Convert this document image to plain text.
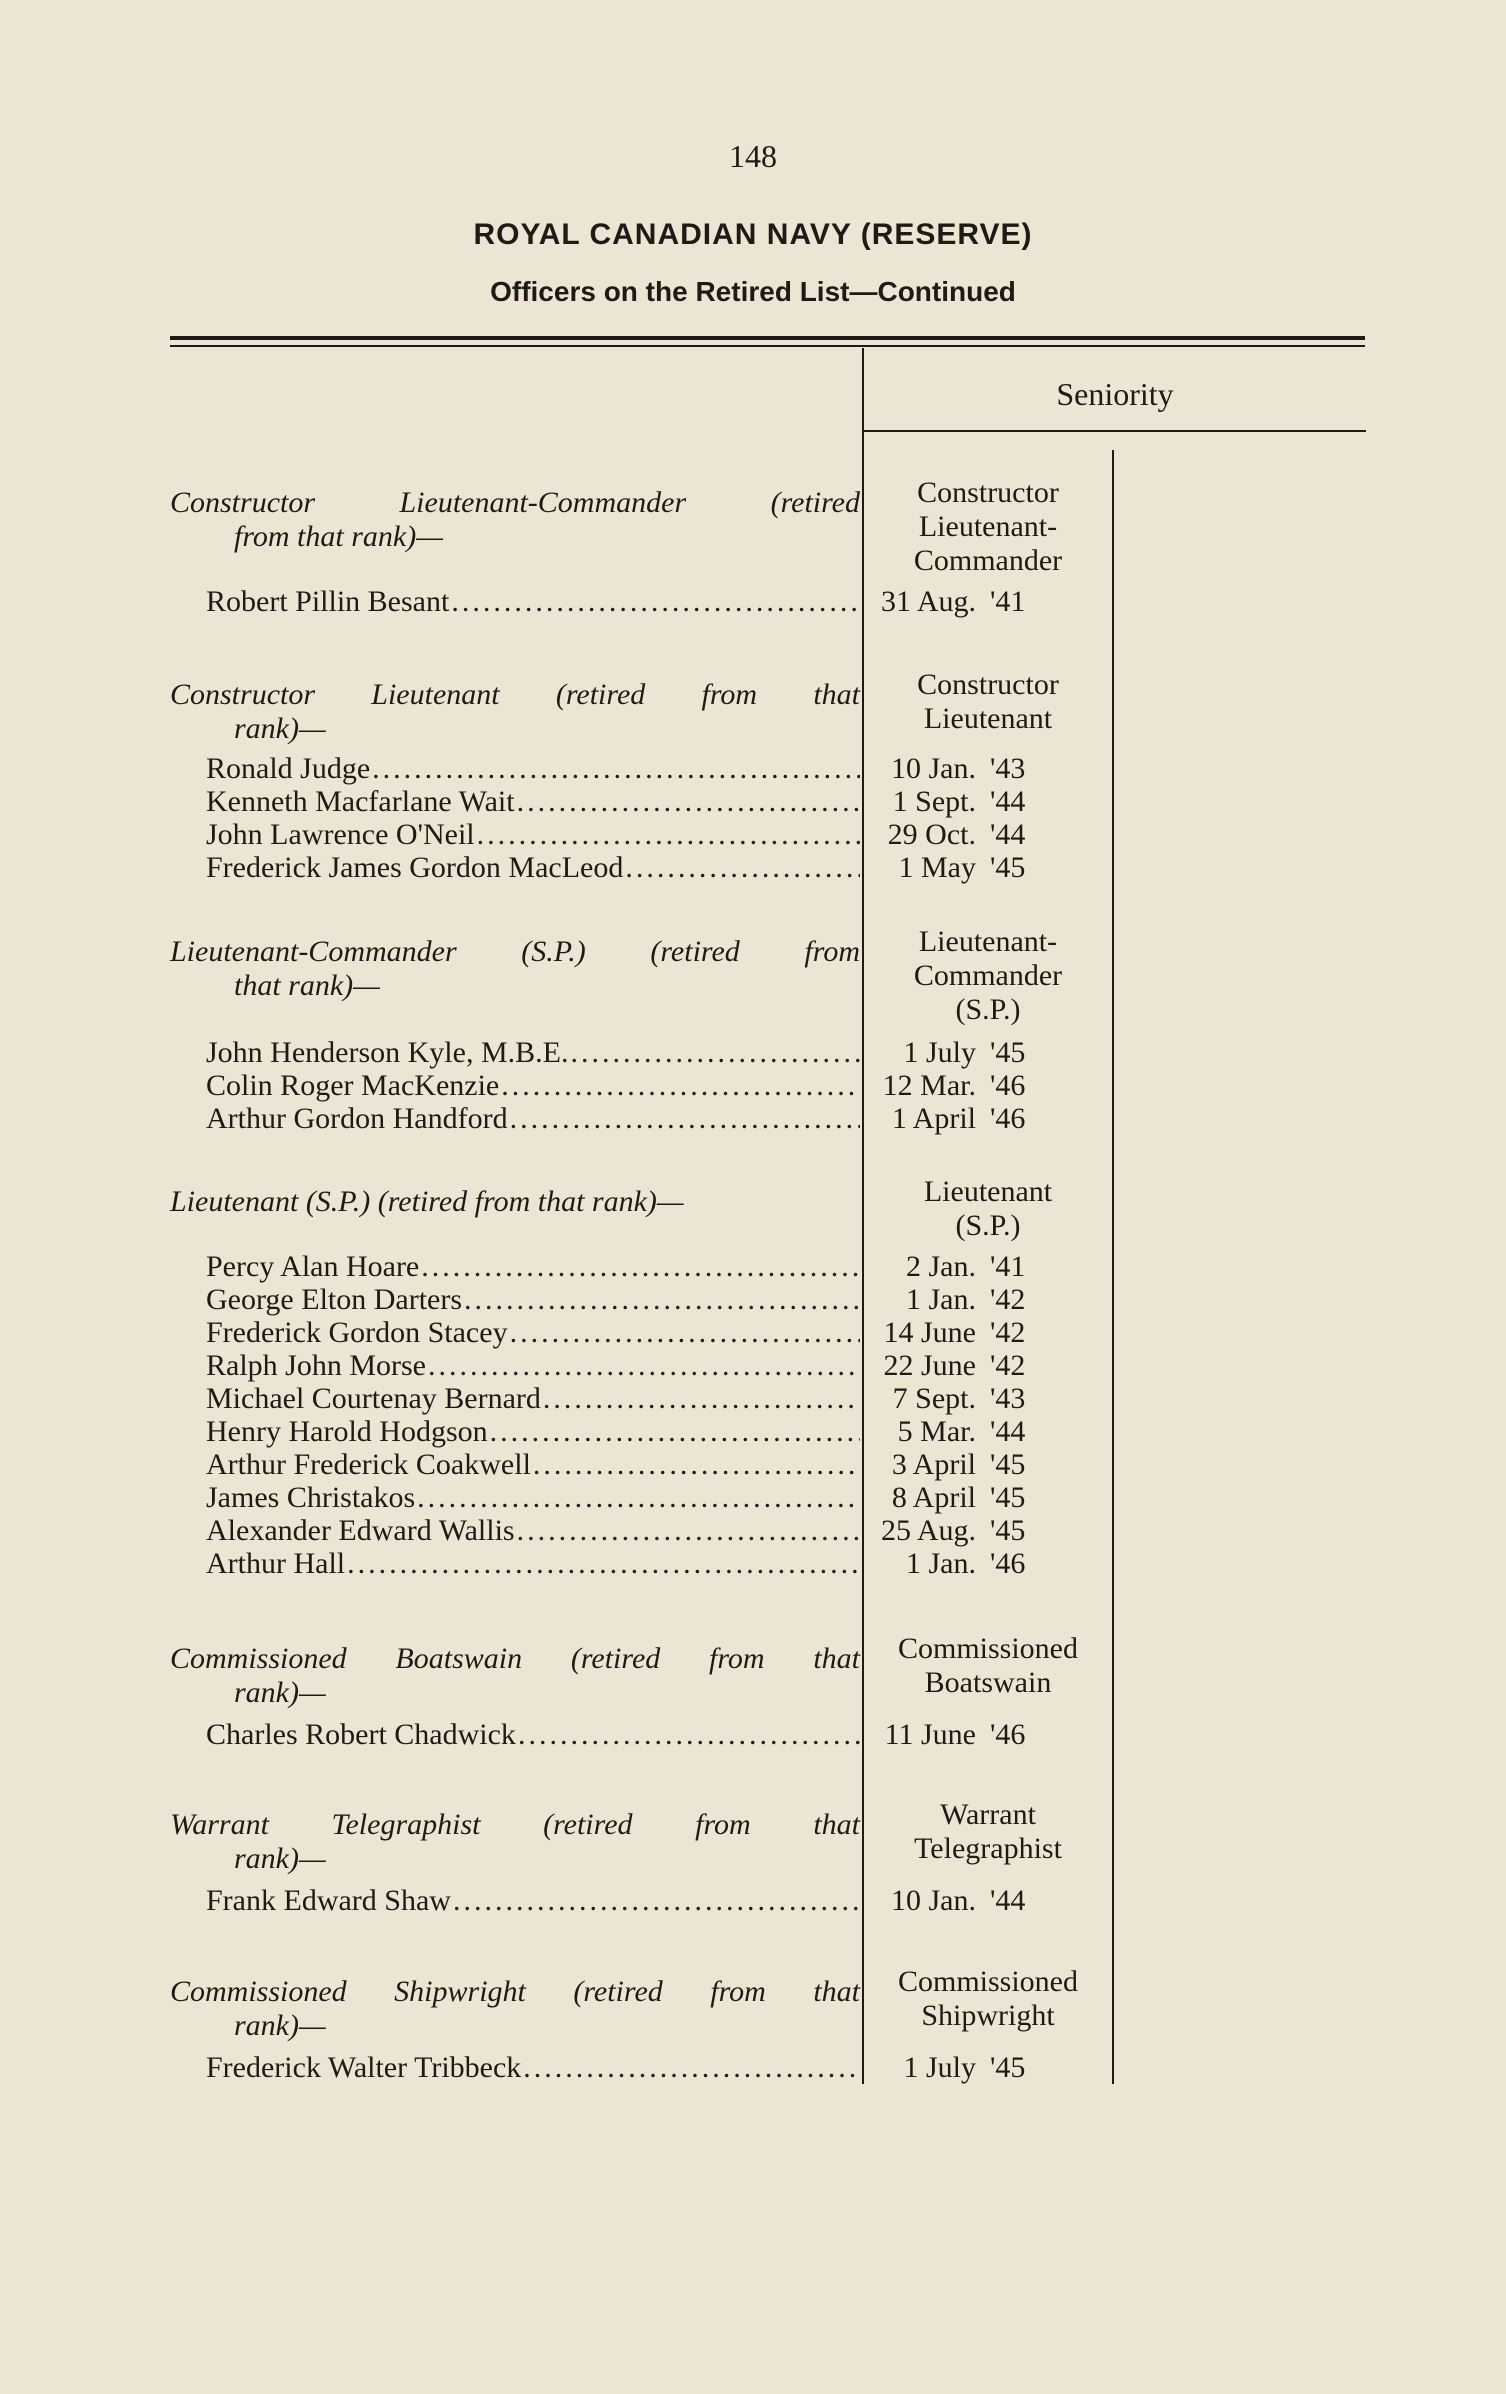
148
ROYAL CANADIAN NAVY (RESERVE)
Officers on the Retired List—Continued
Seniority
Constructor Lieutenant-Commander (retired
from that rank)—
Robert Pillin Besant
.....
Constructor
Lieutenant-
Commander
31 Aug. '41
Constructor Lieutenant (retired from that
rank)—
Ronald Judge
.....
Kenneth Macfarlane Wait
.....
John Lawrence O'Neil
.....
Frederick James Gordon MacLeod
.....
Constructor
Lieutenant
10 Jan. '43
1 Sept. '44
29 Oct. '44
1 May '45
Lieutenant-Commander (S.P.) (retired from
that rank)—
John Henderson Kyle, M.B.E.
.....
Colin Roger MacKenzie
.....
Arthur Gordon Handford
.....
Lieutenant-
Commander
(S.P.)
1 July '45
12 Mar. '46
1 April '46
Lieutenant (S.P.) (retired from that rank)—
Percy Alan Hoare
.....
George Elton Darters
.....
Frederick Gordon Stacey
.....
Ralph John Morse
.....
Michael Courtenay Bernard
.....
Henry Harold Hodgson
.....
Arthur Frederick Coakwell
.....
James Christakos
.....
Alexander Edward Wallis
.....
Arthur Hall
.....
Lieutenant
(S.P.)
2 Jan. '41
1 Jan. '42
14 June '42
22 June '42
7 Sept. '43
5 Mar. '44
3 April '45
8 April '45
25 Aug. '45
1 Jan. '46
Commissioned Boatswain (retired from that
rank)—
Charles Robert Chadwick
.....
Commissioned
Boatswain
11 June '46
Warrant Telegraphist (retired from that
rank)—
Frank Edward Shaw
.....
Warrant
Telegraphist
10 Jan. '44
Commissioned Shipwright (retired from that
rank)—
Frederick Walter Tribbeck
.....
Commissioned
Shipwright
1 July '45
